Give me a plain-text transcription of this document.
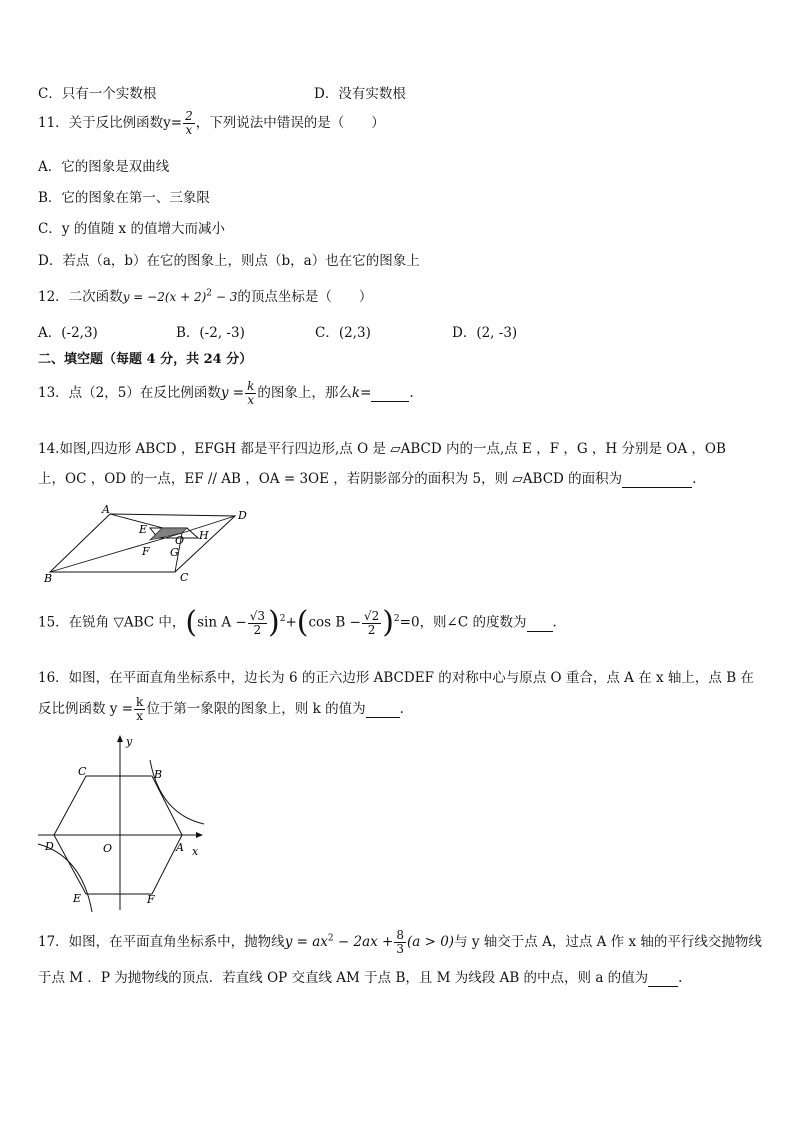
C．只有一个实数根	D．没有实数根
11．关于反比例函数$y= \frac{2}{x}$ ，下列说法中错误的是（　　）
A．它的图象是双曲线
B．它的图象在第一、三象限
C．y 的值随 x 的值增大而减小
D．若点（a，b）在它的图象上，则点（b，a）也在它的图象上
12．二次函数$y = -2(x + 2)^2 - 3$的顶点坐标是（　　）
A．(-2,3)	B．(-2, -3)	C．(2,3)	D．(2, -3)
二、填空题（每题 4 分，共 24 分）
13．点（2，5）在反比例函数$y = \frac{k}{x}$ 的图象上，那么k=	.
14.如图,四边形 ABCD ，EFGH 都是平行四边形,点 O 是 ▱ABCD 内的一点,点 E ，F ，G ，H 分别是 OA ，OB
上，OC ，OD 的一点，EF // AB ，OA = 3OE ，若阴影部分的面积为 5，则 ▱ABCD 的面积为	.
A
B	C
D
E
F G
H
O
15．在锐角 ▽ABC 中，(sin $A - \frac{√3}{2} )^2+(\cos$ $B - \frac{√2}{2} )^2=0$，则∠C 的度数为 .
16．如图，在平面直角坐标系中，边长为 6 的正六边形 ABCDEF 的对称中心与原点 O 重合，点 A 在 x 轴上，点 B 在
反比例函数 $y = \frac{k}{x}$ 位于第一象限的图象上，则 k 的值为	.
y
x
A
B
C
D
E	F
O
17．如图，在平面直角坐标系中，抛物线$y = ax^2 - 2ax + \frac{8}{3} (a > 0)$与 y 轴交于点 A，过点 A 作 x 轴的平行线交抛物线
于点 M ．P 为抛物线的顶点．若直线 OP 交直线 AM 于点 B，且 M 为线段 AB 的中点，则 a 的值为 .
